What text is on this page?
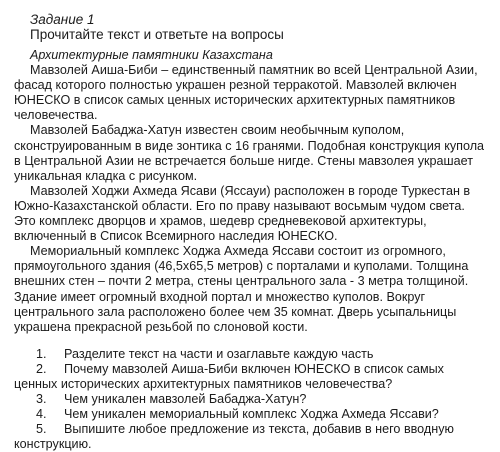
Задание 1
Прочитайте текст и ответьте на вопросы
Архитектурные памятники Казахстана

Мавзолей Аиша-Биби – единственный памятник во всей Центральной Азии, фасад которого полностью украшен резной терракотой. Мавзолей включен ЮНЕСКО в список самых ценных исторических архитектурных памятников человечества.

Мавзолей Бабаджа-Хатун известен своим необычным куполом, сконструированным в виде зонтика с 16 гранями. Подобная конструкция купола в Центральной Азии не встречается больше нигде. Стены мавзолея украшает уникальная кладка с рисунком.

Мавзолей Ходжи Ахмеда Ясави (Яссауи) расположен в городе Туркестан в Южно-Казахстанской области. Его по праву называют восьмым чудом света. Это комплекс дворцов и храмов, шедевр средневековой архитектуры, включенный в Список Всемирного наследия ЮНЕСКО.

Мемориальный комплекс Ходжа Ахмеда Яссави состоит из огромного, прямоугольного здания (46,5х65,5 метров) с порталами и куполами. Толщина внешних стен – почти 2 метра, стены центрального зала - 3 метра толщиной. Здание имеет огромный входной портал и множество куполов. Вокруг центрального зала расположено более чем 35 комнат. Дверь усыпальницы украшена прекрасной резьбой по слоновой кости.

1. Разделите текст на части и озаглавьте каждую часть

2. Почему мавзолей Аиша-Биби включен ЮНЕСКО в список самых ценных исторических архитектурных памятников человечества?

3. Чем уникален мавзолей Бабаджа-Хатун?

4. Чем уникален мемориальный комплекс Ходжа Ахмеда Яссави?

5. Выпишите любое предложение из текста, добавив в него вводную конструкцию.
